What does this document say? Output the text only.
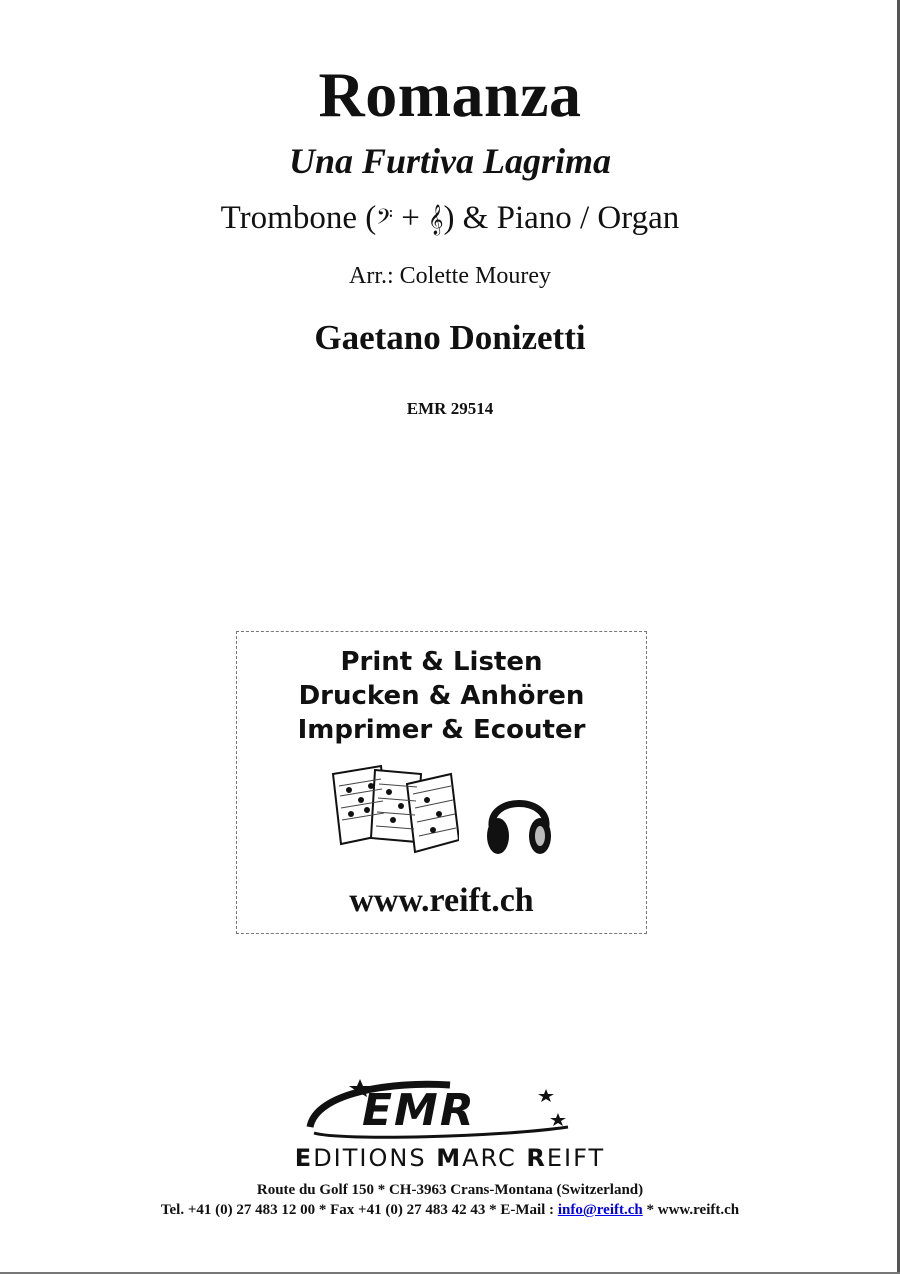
Romanza
Una Furtiva Lagrima
Trombone (𝄢 + 𝄞) & Piano / Organ
Arr.: Colette Mourey
Gaetano Donizetti
EMR 29514
Print & Listen
Drucken & Anhören
Imprimer & Ecouter
www.reift.ch
EMR
EDITIONS MARC REIFT
Route du Golf 150 * CH-3963 Crans-Montana (Switzerland)
Tel. +41 (0) 27 483 12 00 * Fax +41 (0) 27 483 42 43 * E-Mail : info@reift.ch * www.reift.ch
